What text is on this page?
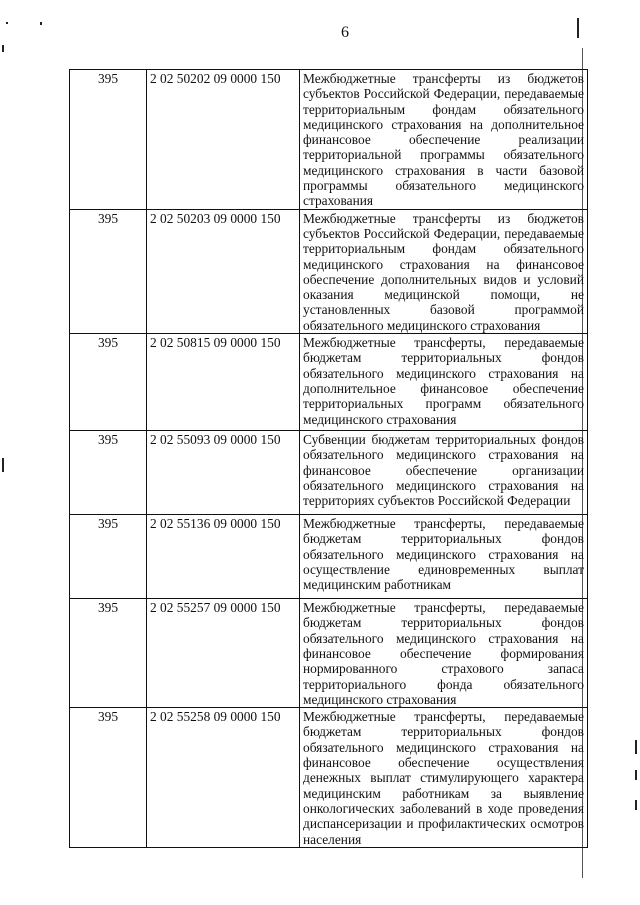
6
395	2 02 50202 09 0000 150	Межбюджетные трансферты из бюджетов субъектов Российской Федерации, передаваемые территориальным фондам обязательного медицинского страхования на дополнительное финансовое обеспечение реализации территориальной программы обязательного медицинского страхования в части базовой программы обязательного медицинского страхования

395	2 02 50203 09 0000 150	Межбюджетные трансферты из бюджетов субъектов Российской Федерации, передаваемые территориальным фондам обязательного медицинского страхования на финансовое обеспечение дополнительных видов и условий оказания медицинской помощи, не установленных базовой программой обязательного медицинского страхования

395	2 02 50815 09 0000 150	Межбюджетные трансферты, передаваемые бюджетам территориальных фондов обязательного медицинского страхования на дополнительное финансовое обеспечение территориальных программ обязательного медицинского страхования

395	2 02 55093 09 0000 150	Субвенции бюджетам территориальных фондов обязательного медицинского страхования на финансовое обеспечение организации обязательного медицинского страхования на территориях субъектов Российской Федерации

395	2 02 55136 09 0000 150	Межбюджетные трансферты, передаваемые бюджетам территориальных фондов обязательного медицинского страхования на осуществление единовременных выплат медицинским работникам

395	2 02 55257 09 0000 150	Межбюджетные трансферты, передаваемые бюджетам территориальных фондов обязательного медицинского страхования на финансовое обеспечение формирования нормированного страхового запаса территориального фонда обязательного медицинского страхования

395	2 02 55258 09 0000 150	Межбюджетные трансферты, передаваемые бюджетам территориальных фондов обязательного медицинского страхования на финансовое обеспечение осуществления денежных выплат стимулирующего характера медицинским работникам за выявление онкологических заболеваний в ходе проведения диспансеризации и профилактических осмотров населения
